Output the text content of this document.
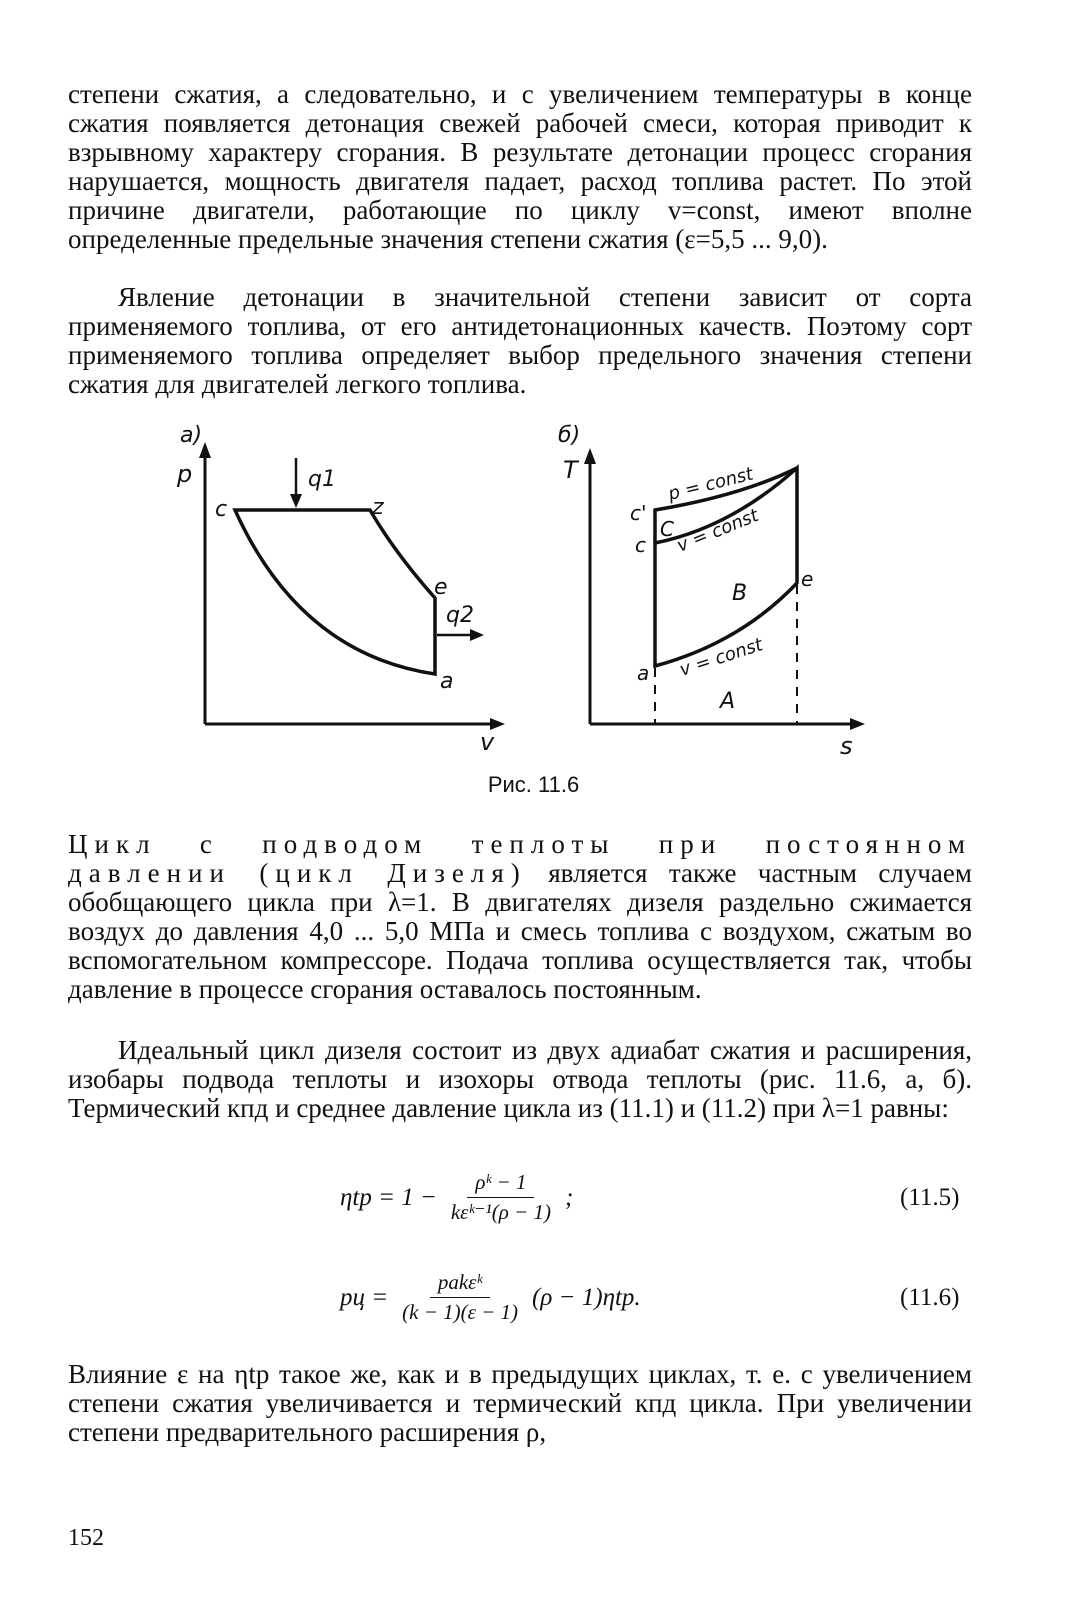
степени сжатия, а следовательно, и с увеличением температуры в конце сжатия появляется детонация свежей рабочей смеси, которая приводит к взрывному характеру сгорания. В результате детонации процесс сгорания нарушается, мощность двигателя падает, расход топлива растет. По этой причине двигатели, работающие по циклу v=const, имеют вполне определенные предельные значения степени сжатия (ε=5,5 ... 9,0).

Явление детонации в значительной степени зависит от сорта применяемого топлива, от его антидетонационных качеств. Поэтому сорт применяемого топлива определяет выбор предельного значения степени сжатия для двигателей легкого топлива.

а)
p
v
c	z
e
a
q1
q2
б)
T
s
c'
C
c
a
e
B
A
p = const
v = const
v = const
Рис. 11.6

Цикл с подводом теплоты при постоянном давлении (цикл Дизеля) является также частным случаем обобщающего цикла при λ=1. В двигателях дизеля раздельно сжимается воздух до давления 4,0 ... 5,0 МПа и смесь топлива с воздухом, сжатым во вспомогательном компрессоре. Подача топлива осуществляется так, чтобы давление в процессе сгорания оставалось постоянным.

Идеальный цикл дизеля состоит из двух адиабат сжатия и расширения, изобары подвода теплоты и изохоры отвода теплоты (рис. 11.6, а, б). Термический кпд и среднее давление цикла из (11.1) и (11.2) при λ=1 равны:

$\eta tp = 1 - \frac{\text{ρᵏ − 1}}{\text{kεᵏ⁻¹(ρ − 1)}}$ ;	(11.5)
pц = $\frac{\text{pakεᵏ}}{(k - 1)(\varepsilon - 1)} (\rho - 1)\eta tp$.	(11.6)

Влияние ε на ηtp такое же, как и в предыдущих циклах, т. е. с увеличением степени сжатия увеличивается и термический кпд цикла. При увеличении степени предварительного расширения ρ,

152
